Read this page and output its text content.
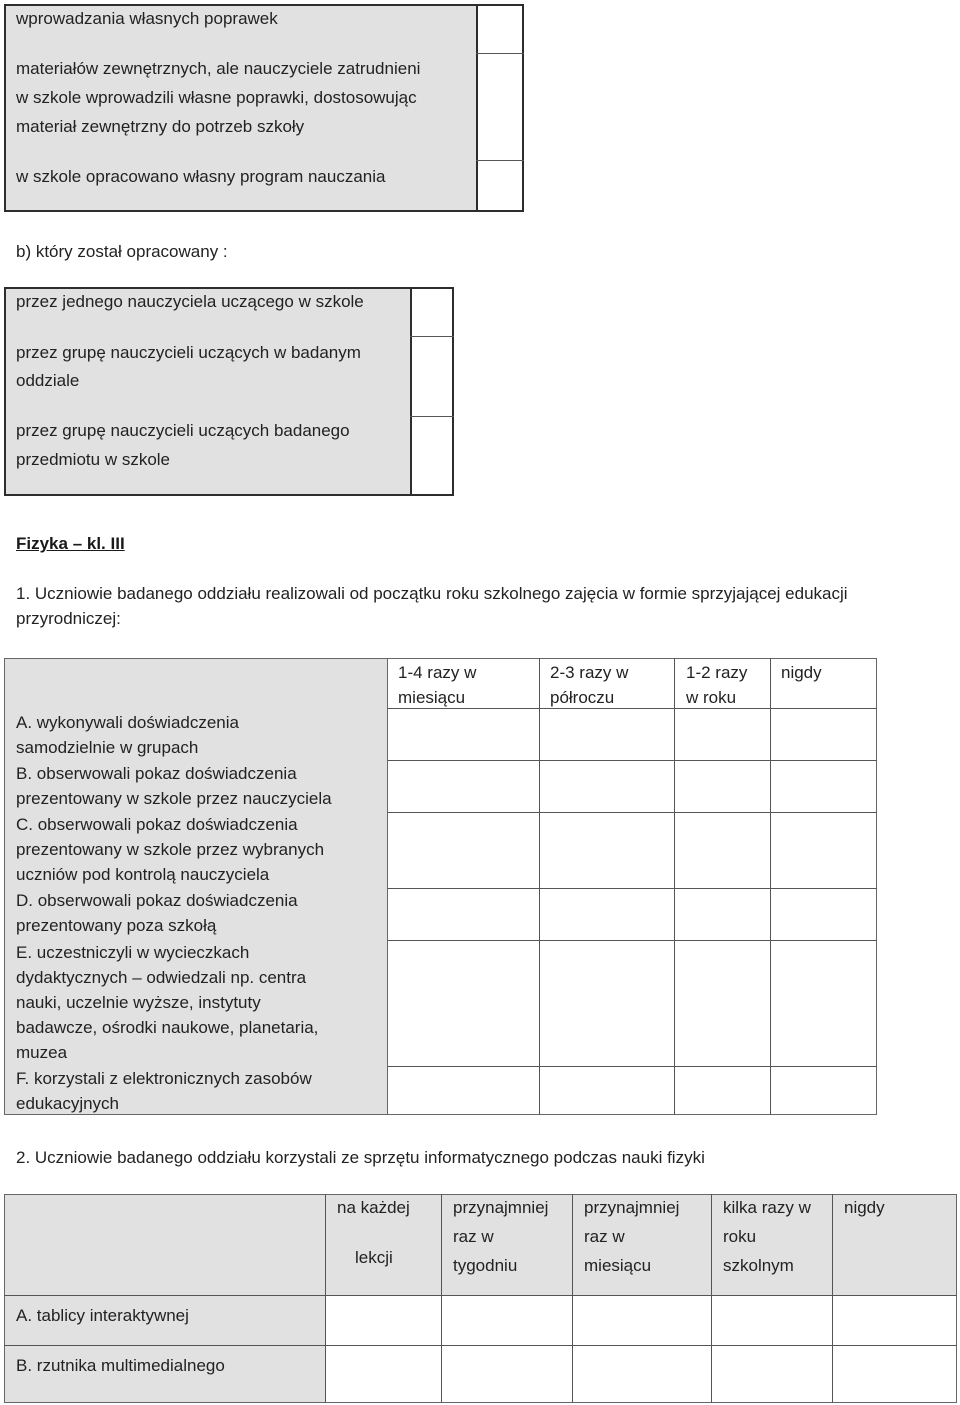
wprowadzania własnych poprawek
materiałów zewnętrznych, ale nauczyciele zatrudnieni
w szkole wprowadzili własne poprawki, dostosowując
materiał zewnętrzny do potrzeb szkoły
w szkole opracowano własny program nauczania
b) który został opracowany :
przez jednego nauczyciela uczącego w szkole
przez grupę nauczycieli uczących w badanym
oddziale
przez grupę nauczycieli uczących badanego
przedmiotu w szkole
Fizyka – kl. III
1. Uczniowie badanego oddziału realizowali od początku roku szkolnego zajęcia w formie sprzyjającej edukacji
przyrodniczej:
1-4 razy w
miesiącu
2-3 razy w
półroczu
1-2 razy
w roku
nigdy
A. wykonywali doświadczenia
samodzielnie w grupach
B. obserwowali pokaz doświadczenia
prezentowany w szkole przez nauczyciela
C. obserwowali pokaz doświadczenia
prezentowany w szkole przez wybranych
uczniów pod kontrolą nauczyciela
D. obserwowali pokaz doświadczenia
prezentowany poza szkołą
E. uczestniczyli w wycieczkach
dydaktycznych – odwiedzali np. centra
nauki, uczelnie wyższe, instytuty
badawcze, ośrodki naukowe, planetaria,
muzea
F. korzystali z elektronicznych zasobów
edukacyjnych
2. Uczniowie badanego oddziału korzystali ze sprzętu informatycznego podczas nauki fizyki
na każdej
lekcji
przynajmniej
raz w
tygodniu
przynajmniej
raz w
miesiącu
kilka razy w
roku
szkolnym
nigdy
A. tablicy interaktywnej
B. rzutnika multimedialnego
